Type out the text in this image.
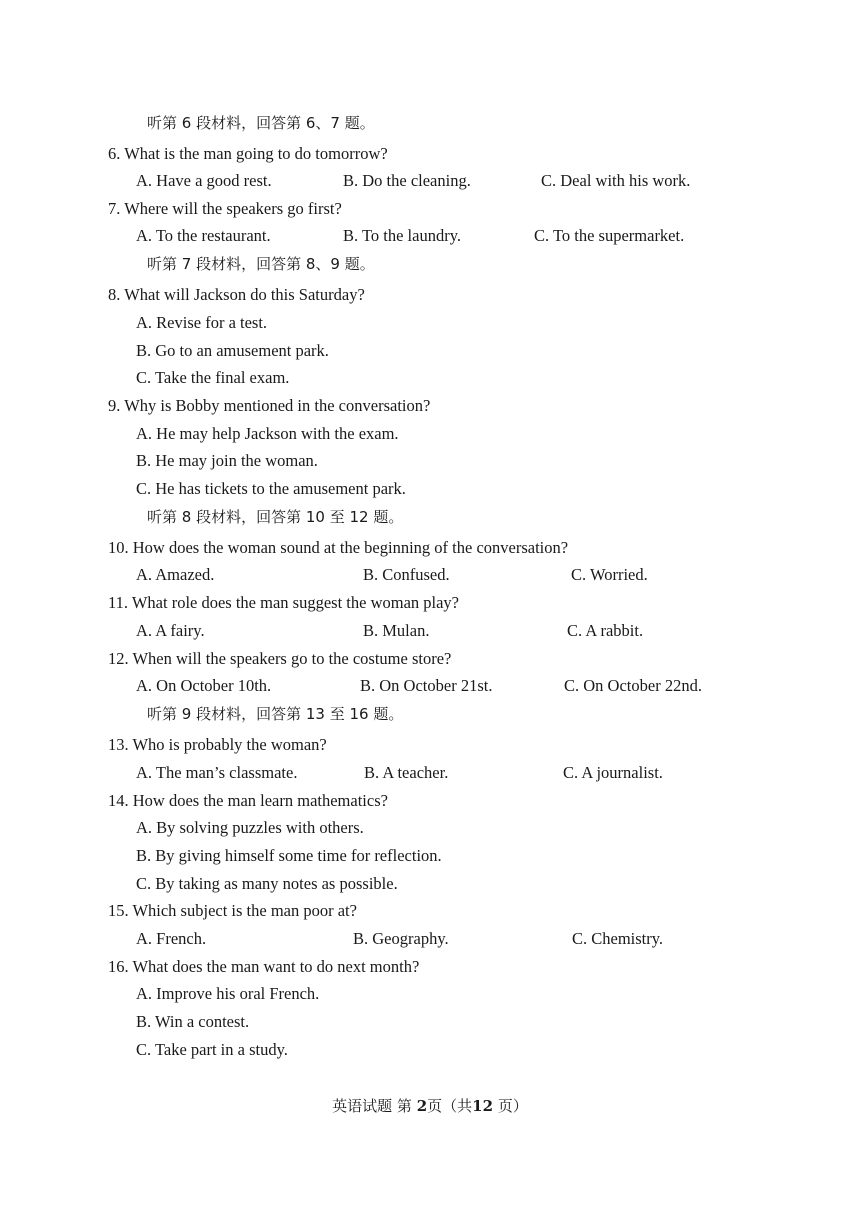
听第 6 段材料，回答第 6、7 题。
6. What is the man going to do tomorrow?
A. Have a good rest.	B. Do the cleaning.	C. Deal with his work.
7. Where will the speakers go first?
A. To the restaurant.	B. To the laundry.	C. To the supermarket.
听第 7 段材料，回答第 8、9 题。
8. What will Jackson do this Saturday?
A. Revise for a test.
B. Go to an amusement park.
C. Take the final exam.
9. Why is Bobby mentioned in the conversation?
A. He may help Jackson with the exam.
B. He may join the woman.
C. He has tickets to the amusement park.
听第 8 段材料，回答第 10 至 12 题。
10. How does the woman sound at the beginning of the conversation?
A. Amazed.	B. Confused.	C. Worried.
11. What role does the man suggest the woman play?
A. A fairy.	B. Mulan.	C. A rabbit.
12. When will the speakers go to the costume store?
A. On October 10th.	B. On October 21st.	C. On October 22nd.
听第 9 段材料，回答第 13 至 16 题。
13. Who is probably the woman?
A. The man’s classmate.	B. A teacher.	C. A journalist.
14. How does the man learn mathematics?
A. By solving puzzles with others.
B. By giving himself some time for reflection.
C. By taking as many notes as possible.
15. Which subject is the man poor at?
A. French.	B. Geography.	C. Chemistry.
16. What does the man want to do next month?
A. Improve his oral French.
B. Win a contest.
C. Take part in a study.
英语试题 第 2页（共12 页）
